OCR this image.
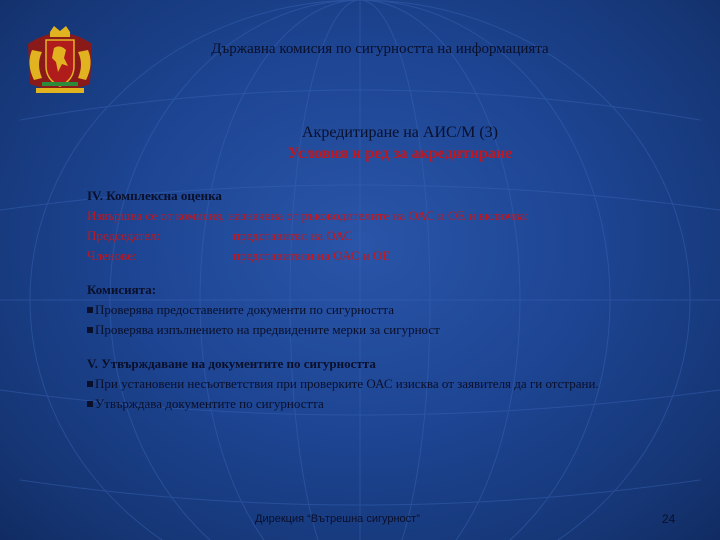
Държавна комисия по сигурността на информацията
Акредитиране на АИС/М (3)
Условия и ред за акредитиране
IV. Комплексна оценка
Извършва се от комисия, назначена от ръководителите на ОАС и ОЕ и включва:
Председател:	представител на ОАС
Членове:	представители на ОАС и ОЕ
Комисията:
Проверява предоставените документи по сигурността
Проверява изпълнението на предвидените мерки за сигурност
V. Утвърждаване на документите по сигурността
При установени несъответствия при проверките ОАС изисква от заявителя да ги отстрани.
Утвърждава документите по сигурността
Дирекция “Вътрешна сигурност”	24
